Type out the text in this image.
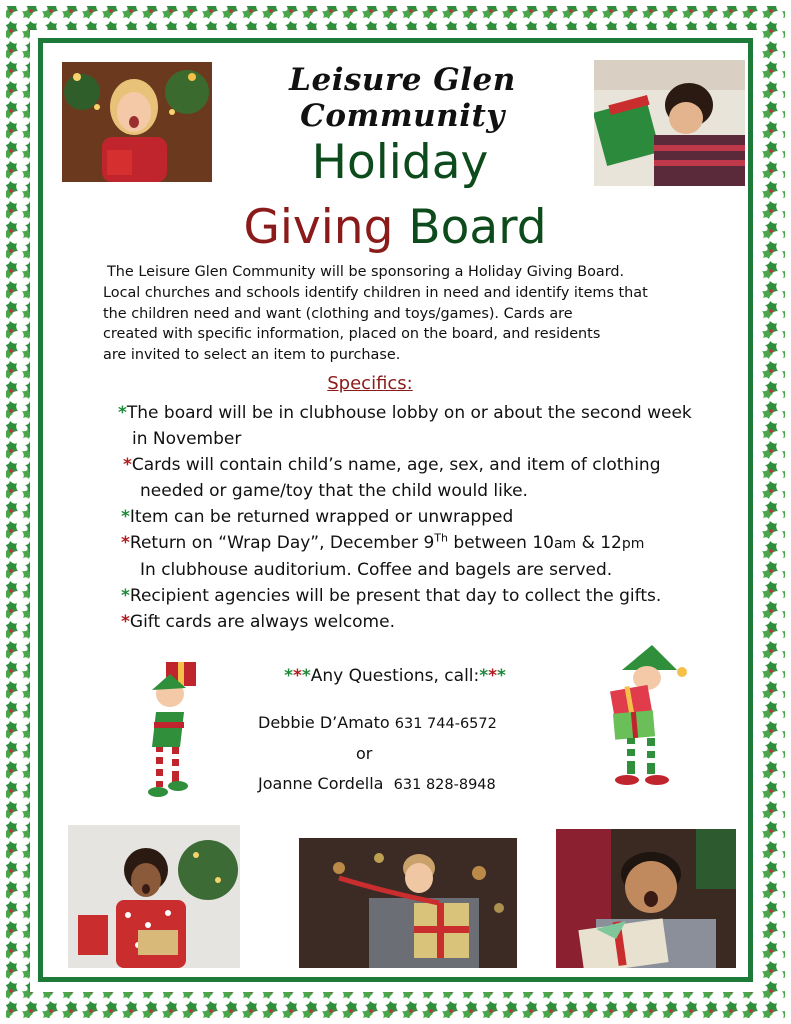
Leisure Glen Community
Holiday
Giving Board
The Leisure Glen Community will be sponsoring a Holiday Giving Board.
Local churches and schools identify children in need and identify items that
the children need and want (clothing and toys/games). Cards are
created with specific information, placed on the board, and residents
are invited to select an item to purchase.
Specifics:
*The board will be in clubhouse lobby on or about the second week
in November
*Cards will contain child’s name, age, sex, and item of clothing
needed or game/toy that the child would like.
*Item can be returned wrapped or unwrapped
*Return on “Wrap Day”, December 9Th between 10am & 12pm
In clubhouse auditorium. Coffee and bagels are served.
*Recipient agencies will be present that day to collect the gifts.
*Gift cards are always welcome.
***Any Questions, call:***
Debbie D’Amato 631 744-6572
or
Joanne Cordella 631 828-8948
